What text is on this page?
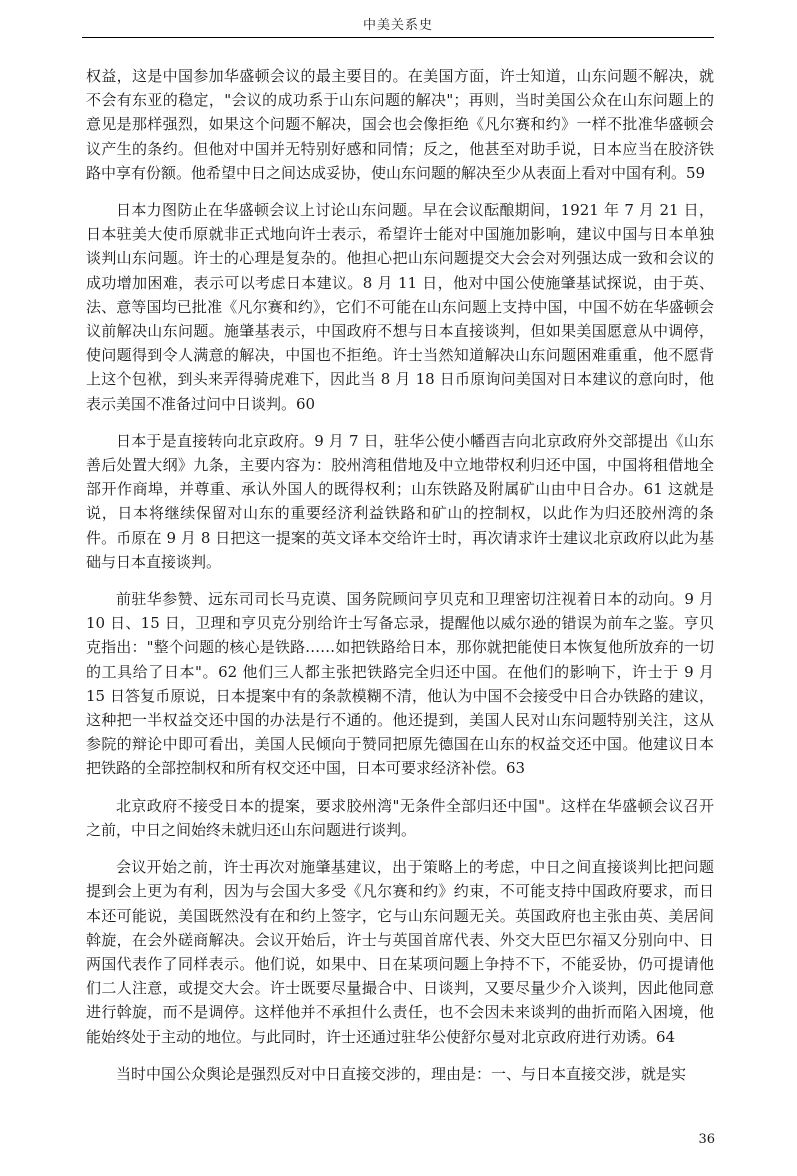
中美关系史

权益，这是中国参加华盛顿会议的最主要目的。在美国方面，许士知道，山东问题不解决，就不会有东亚的稳定，"会议的成功系于山东问题的解决"；再则，当时美国公众在山东问题上的意见是那样强烈，如果这个问题不解决，国会也会像拒绝《凡尔赛和约》一样不批准华盛顿会议产生的条约。但他对中国并无特别好感和同情；反之，他甚至对助手说，日本应当在胶济铁路中享有份额。他希望中日之间达成妥协，使山东问题的解决至少从表面上看对中国有利。59

日本力图防止在华盛顿会议上讨论山东问题。早在会议酝酿期间，1921 年 7 月 21 日，日本驻美大使币原就非正式地向许士表示，希望许士能对中国施加影响，建议中国与日本单独谈判山东问题。许士的心理是复杂的。他担心把山东问题提交大会会对列强达成一致和会议的成功增加困难，表示可以考虑日本建议。8 月 11 日，他对中国公使施肇基试探说，由于英、法、意等国均已批准《凡尔赛和约》，它们不可能在山东问题上支持中国，中国不妨在华盛顿会议前解决山东问题。施肇基表示，中国政府不想与日本直接谈判，但如果美国愿意从中调停，使问题得到令人满意的解决，中国也不拒绝。许士当然知道解决山东问题困难重重，他不愿背上这个包袱，到头来弄得骑虎难下，因此当 8 月 18 日币原询问美国对日本建议的意向时，他表示美国不准备过问中日谈判。60

日本于是直接转向北京政府。9 月 7 日，驻华公使小幡酉吉向北京政府外交部提出《山东善后处置大纲》九条，主要内容为：胶州湾租借地及中立地带权利归还中国，中国将租借地全部开作商埠，并尊重、承认外国人的既得权利；山东铁路及附属矿山由中日合办。61 这就是说，日本将继续保留对山东的重要经济利益铁路和矿山的控制权，以此作为归还胶州湾的条件。币原在 9 月 8 日把这一提案的英文译本交给许士时，再次请求许士建议北京政府以此为基础与日本直接谈判。

前驻华参赞、远东司司长马克谟、国务院顾问亨贝克和卫理密切注视着日本的动向。9 月 10 日、15 日，卫理和亨贝克分别给许士写备忘录，提醒他以威尔逊的错误为前车之鉴。亨贝克指出："整个问题的核心是铁路……如把铁路给日本，那你就把能使日本恢复他所放弃的一切的工具给了日本"。62 他们三人都主张把铁路完全归还中国。在他们的影响下，许士于 9 月 15 日答复币原说，日本提案中有的条款模糊不清，他认为中国不会接受中日合办铁路的建议，这种把一半权益交还中国的办法是行不通的。他还提到，美国人民对山东问题特别关注，这从参院的辩论中即可看出，美国人民倾向于赞同把原先德国在山东的权益交还中国。他建议日本把铁路的全部控制权和所有权交还中国，日本可要求经济补偿。63

北京政府不接受日本的提案，要求胶州湾"无条件全部归还中国"。这样在华盛顿会议召开之前，中日之间始终未就归还山东问题进行谈判。

会议开始之前，许士再次对施肇基建议，出于策略上的考虑，中日之间直接谈判比把问题提到会上更为有利，因为与会国大多受《凡尔赛和约》约束，不可能支持中国政府要求，而日本还可能说，美国既然没有在和约上签字，它与山东问题无关。英国政府也主张由英、美居间斡旋，在会外磋商解决。会议开始后，许士与英国首席代表、外交大臣巴尔福又分别向中、日两国代表作了同样表示。他们说，如果中、日在某项问题上争持不下，不能妥协，仍可提请他们二人注意，或提交大会。许士既要尽量撮合中、日谈判，又要尽量少介入谈判，因此他同意进行斡旋，而不是调停。这样他并不承担什么责任，也不会因未来谈判的曲折而陷入困境，他能始终处于主动的地位。与此同时，许士还通过驻华公使舒尔曼对北京政府进行劝诱。64

当时中国公众舆论是强烈反对中日直接交涉的，理由是：一、与日本直接交涉，就是实

36
